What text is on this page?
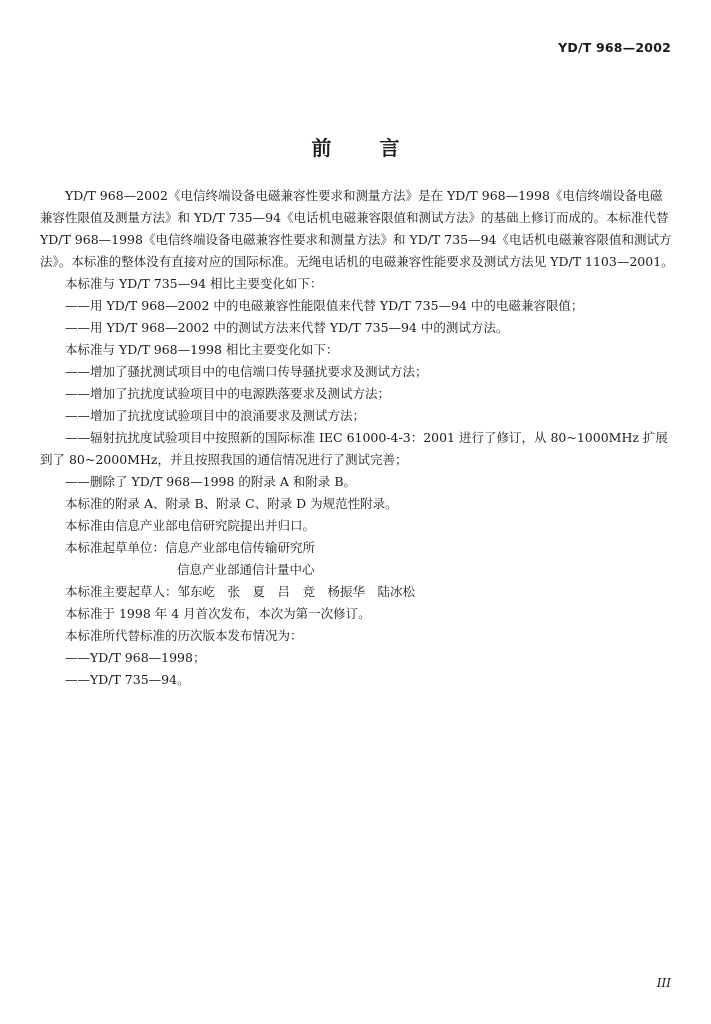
YD/T 968—2002
前言

YD/T 968—2002《电信终端设备电磁兼容性要求和测量方法》是在 YD/T 968—1998《电信终端设备电磁兼容性限值及测量方法》和 YD/T 735—94《电话机电磁兼容限值和测试方法》的基础上修订而成的。本标准代替 YD/T 968—1998《电信终端设备电磁兼容性要求和测量方法》和 YD/T 735—94《电话机电磁兼容限值和测试方法》。本标准的整体没有直接对应的国际标准。无绳电话机的电磁兼容性能要求及测试方法见 YD/T 1103—2001。

本标准与 YD/T 735—94 相比主要变化如下：

——用 YD/T 968—2002 中的电磁兼容性能限值来代替 YD/T 735—94 中的电磁兼容限值；

——用 YD/T 968—2002 中的测试方法来代替 YD/T 735—94 中的测试方法。

本标准与 YD/T 968—1998 相比主要变化如下：

——增加了骚扰测试项目中的电信端口传导骚扰要求及测试方法；

——增加了抗扰度试验项目中的电源跌落要求及测试方法；

——增加了抗扰度试验项目中的浪涌要求及测试方法；

——辐射抗扰度试验项目中按照新的国际标准 IEC 61000-4-3：2001 进行了修订，从 80~1000MHz 扩展到了 80~2000MHz，并且按照我国的通信情况进行了测试完善；

——删除了 YD/T 968—1998 的附录 A 和附录 B。

本标准的附录 A、附录 B、附录 C、附录 D 为规范性附录。

本标准由信息产业部电信研究院提出并归口。

本标准起草单位：信息产业部电信传输研究所

信息产业部通信计量中心

本标准主要起草人：邹东屹　张　夏　吕　竞　杨振华　陆冰松

本标准于 1998 年 4 月首次发布，本次为第一次修订。

本标准所代替标准的历次版本发布情况为：

——YD/T 968—1998；

——YD/T 735—94。

III
